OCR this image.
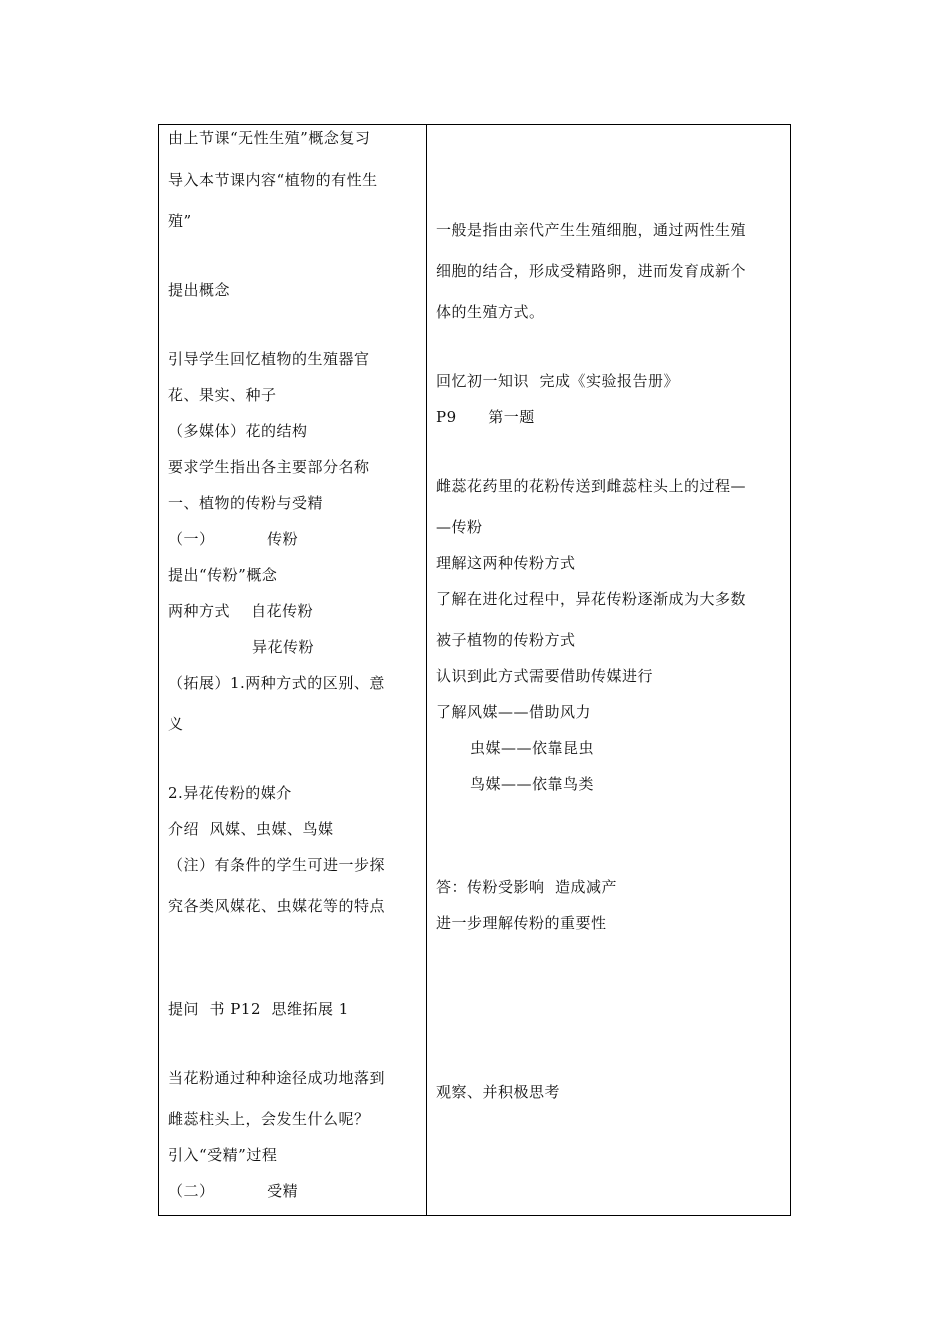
由上节课“无性生殖”概念复习
导入本节课内容“植物的有性生
殖”
提出概念
引导学生回忆植物的生殖器官
花、果实、种子
（多媒体）花的结构
要求学生指出各主要部分名称
一、植物的传粉与受精
（一）          传粉
提出“传粉”概念
两种方式    自花传粉
异花传粉
（拓展）1.两种方式的区别、意
义
2.异花传粉的媒介
介绍  风媒、虫媒、鸟媒
（注）有条件的学生可进一步探
究各类风媒花、虫媒花等的特点
提问  书 P12  思维拓展 1
当花粉通过种种途径成功地落到
雌蕊柱头上，会发生什么呢？
引入“受精”过程
（二）          受精
一般是指由亲代产生生殖细胞，通过两性生殖
细胞的结合，形成受精路卵，进而发育成新个
体的生殖方式。
回忆初一知识  完成《实验报告册》
P9      第一题
雌蕊花药里的花粉传送到雌蕊柱头上的过程—
—传粉
理解这两种传粉方式
了解在进化过程中，异花传粉逐渐成为大多数
被子植物的传粉方式
认识到此方式需要借助传媒进行
了解风媒——借助风力
虫媒——依靠昆虫
鸟媒——依靠鸟类
答：传粉受影响  造成减产
进一步理解传粉的重要性
观察、并积极思考
